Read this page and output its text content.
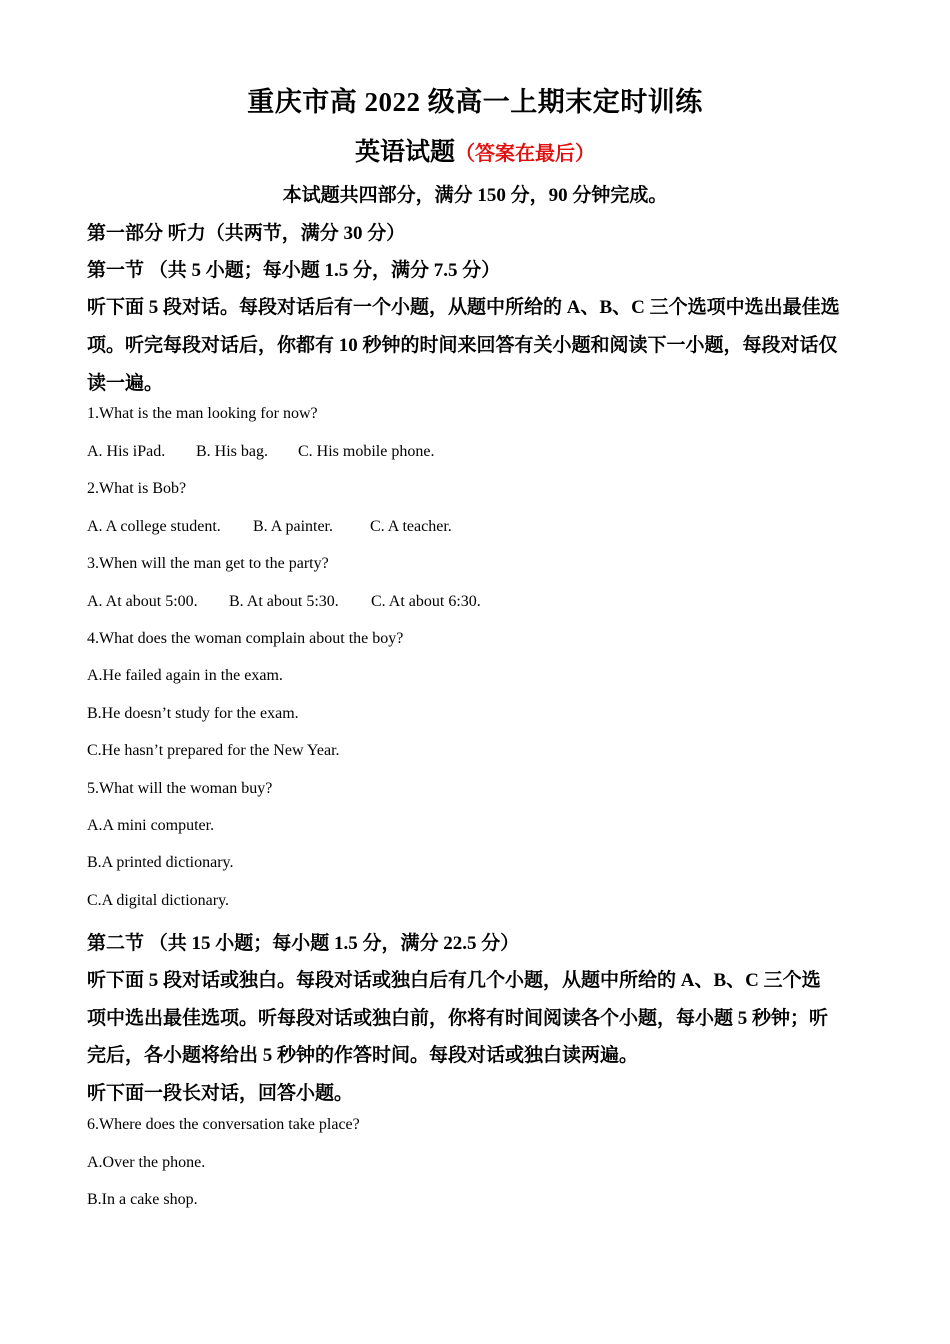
重庆市高 2022 级高一上期末定时训练
英语试题（答案在最后）
本试题共四部分，满分 150 分，90 分钟完成。
第一部分 听力（共两节，满分 30 分）
第一节 （共 5 小题；每小题 1.5 分，满分 7.5 分）
听下面 5 段对话。每段对话后有一个小题，从题中所给的 A、B、C 三个选项中选出最佳选
项。听完每段对话后，你都有 10 秒钟的时间来回答有关小题和阅读下一小题，每段对话仅
读一遍。
1.What is the man looking for now?
A. His iPad. B. His bag. C. His mobile phone.
2.What is Bob?
A. A college student. B. A painter. C. A teacher.
3.When will the man get to the party?
A. At about 5:00. B. At about 5:30. C. At about 6:30.
4.What does the woman complain about the boy?
A.He failed again in the exam.
B.He doesn’t study for the exam.
C.He hasn’t prepared for the New Year.
5.What will the woman buy?
A.A mini computer.
B.A printed dictionary.
C.A digital dictionary.
第二节 （共 15 小题；每小题 1.5 分，满分 22.5 分）
听下面 5 段对话或独白。每段对话或独白后有几个小题，从题中所给的 A、B、C 三个选
项中选出最佳选项。听每段对话或独白前，你将有时间阅读各个小题，每小题 5 秒钟；听
完后，各小题将给出 5 秒钟的作答时间。每段对话或独白读两遍。
听下面一段长对话，回答小题。
6.Where does the conversation take place?
A.Over the phone.
B.In a cake shop.
